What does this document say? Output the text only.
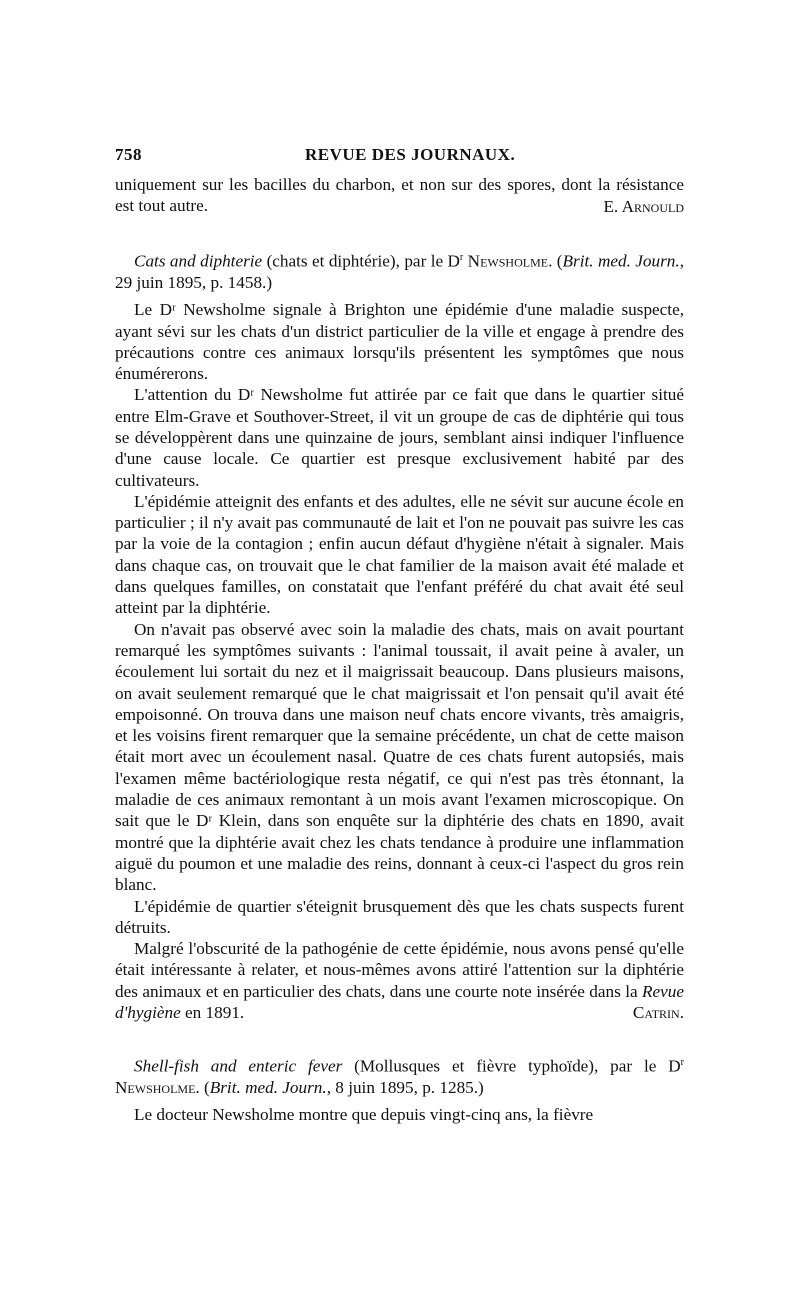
758	REVUE DES JOURNAUX.

uniquement sur les bacilles du charbon, et non sur des spores, dont la résistance est tout autre.	E. Arnould

Cats and diphterie (chats et diphtérie), par le $D^r$ Newsholme. (Brit. med. Journ., 29 juin 1895, p. 1458.)

Le Dʳ Newsholme signale à Brighton une épidémie d'une maladie suspecte, ayant sévi sur les chats d'un district particulier de la ville et engage à prendre des précautions contre ces animaux lorsqu'ils présentent les symptômes que nous énumérerons.

L'attention du Dʳ Newsholme fut attirée par ce fait que dans le quartier situé entre Elm-Grave et Southover-Street, il vit un groupe de cas de diphtérie qui tous se développèrent dans une quinzaine de jours, semblant ainsi indiquer l'influence d'une cause locale. Ce quartier est presque exclusivement habité par des cultivateurs.

L'épidémie atteignit des enfants et des adultes, elle ne sévit sur aucune école en particulier ; il n'y avait pas communauté de lait et l'on ne pouvait pas suivre les cas par la voie de la contagion ; enfin aucun défaut d'hygiène n'était à signaler. Mais dans chaque cas, on trouvait que le chat familier de la maison avait été malade et dans quelques familles, on constatait que l'enfant préféré du chat avait été seul atteint par la diphtérie.

On n'avait pas observé avec soin la maladie des chats, mais on avait pourtant remarqué les symptômes suivants : l'animal toussait, il avait peine à avaler, un écoulement lui sortait du nez et il maigrissait beaucoup. Dans plusieurs maisons, on avait seulement remarqué que le chat maigrissait et l'on pensait qu'il avait été empoisonné. On trouva dans une maison neuf chats encore vivants, très amaigris, et les voisins firent remarquer que la semaine précédente, un chat de cette maison était mort avec un écoulement nasal. Quatre de ces chats furent autopsiés, mais l'examen même bactériologique resta négatif, ce qui n'est pas très étonnant, la maladie de ces animaux remontant à un mois avant l'examen microscopique. On sait que le Dʳ Klein, dans son enquête sur la diphtérie des chats en 1890, avait montré que la diphtérie avait chez les chats tendance à produire une inflammation aiguë du poumon et une maladie des reins, donnant à ceux-ci l'aspect du gros rein blanc.

L'épidémie de quartier s'éteignit brusquement dès que les chats suspects furent détruits.

Malgré l'obscurité de la pathogénie de cette épidémie, nous avons pensé qu'elle était intéressante à relater, et nous-mêmes avons attiré l'attention sur la diphtérie des animaux et en particulier des chats, dans une courte note insérée dans la Revue d'hygiène en 1891.	Catrin.

Shell-fish and enteric fever (Mollusques et fièvre typhoïde), par le $D^r$ Newsholme. (Brit. med. Journ., 8 juin 1895, p. 1285.)

Le docteur Newsholme montre que depuis vingt-cinq ans, la fièvre
